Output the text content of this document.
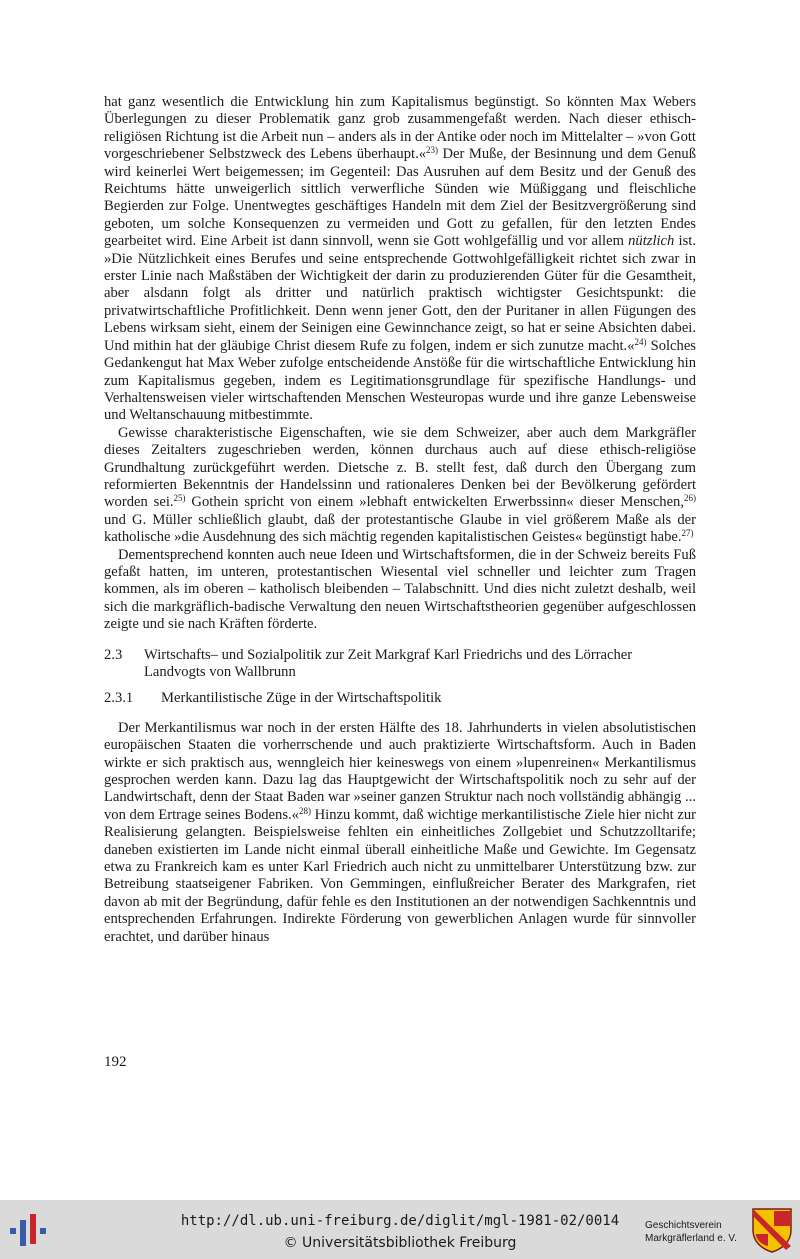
hat ganz wesentlich die Entwicklung hin zum Kapitalismus begünstigt. So könnten Max Webers Überlegungen zu dieser Problematik ganz grob zusammengefaßt werden. Nach dieser ethisch-religiösen Richtung ist die Arbeit nun – anders als in der Antike oder noch im Mittelalter – »von Gott vorgeschriebener Selbstzweck des Lebens überhaupt.«$^{23)}$ Der Muße, der Besinnung und dem Genuß wird keinerlei Wert beigemessen; im Gegenteil: Das Ausruhen auf dem Besitz und der Genuß des Reichtums hätte unweigerlich sittlich verwerfliche Sünden wie Müßiggang und fleischliche Begierden zur Folge. Unentwegtes geschäftiges Handeln mit dem Ziel der Besitzvergrößerung sind geboten, um solche Konsequenzen zu vermeiden und Gott zu gefallen, für den letzten Endes gearbeitet wird. Eine Arbeit ist dann sinnvoll, wenn sie Gott wohlgefällig und vor allem nützlich ist. »Die Nützlichkeit eines Berufes und seine entsprechende Gottwohlgefälligkeit richtet sich zwar in erster Linie nach Maßstäben der Wichtigkeit der darin zu produzierenden Güter für die Gesamtheit, aber alsdann folgt als dritter und natürlich praktisch wichtigster Gesichtspunkt: die privatwirtschaftliche Profitlichkeit. Denn wenn jener Gott, den der Puritaner in allen Fügungen des Lebens wirksam sieht, einem der Seinigen eine Gewinnchance zeigt, so hat er seine Absichten dabei. Und mithin hat der gläubige Christ diesem Rufe zu folgen, indem er sich zunutze macht.«$^{24)}$ Solches Gedankengut hat Max Weber zufolge entscheidende Anstöße für die wirtschaftliche Entwicklung hin zum Kapitalismus gegeben, indem es Legitimationsgrundlage für spezifische Handlungs- und Verhaltensweisen vieler wirtschaftenden Menschen Westeuropas wurde und ihre ganze Lebensweise und Weltanschauung mitbestimmte.

Gewisse charakteristische Eigenschaften, wie sie dem Schweizer, aber auch dem Markgräfler dieses Zeitalters zugeschrieben werden, können durchaus auch auf diese ethisch-religiöse Grundhaltung zurückgeführt werden. Dietsche z. B. stellt fest, daß durch den Übergang zum reformierten Bekenntnis der Handelssinn und rationaleres Denken bei der Bevölkerung gefördert worden sei.$^{25)}$ Gothein spricht von einem »lebhaft entwickelten Erwerbssinn« dieser Menschen,$^{26)}$ und G. Müller schließlich glaubt, daß der protestantische Glaube in viel größerem Maße als der katholische »die Ausdehnung des sich mächtig regenden kapitalistischen Geistes« begünstigt habe.$^{27)}$

Dementsprechend konnten auch neue Ideen und Wirtschaftsformen, die in der Schweiz bereits Fuß gefaßt hatten, im unteren, protestantischen Wiesental viel schneller und leichter zum Tragen kommen, als im oberen – katholisch bleibenden – Talabschnitt. Und dies nicht zuletzt deshalb, weil sich die markgräflich-badische Verwaltung den neuen Wirtschaftstheorien gegenüber aufgeschlossen zeigte und sie nach Kräften förderte.

2.3	Wirtschafts– und Sozialpolitik zur Zeit Markgraf Karl Friedrichs und des Lörracher Landvogts von Wallbrunn
2.3.1	Merkantilistische Züge in der Wirtschaftspolitik

Der Merkantilismus war noch in der ersten Hälfte des 18. Jahrhunderts in vielen absolutistischen europäischen Staaten die vorherrschende und auch praktizierte Wirtschaftsform. Auch in Baden wirkte er sich praktisch aus, wenngleich hier keineswegs von einem »lupenreinen« Merkantilismus gesprochen werden kann. Dazu lag das Hauptgewicht der Wirtschaftspolitik noch zu sehr auf der Landwirtschaft, denn der Staat Baden war »seiner ganzen Struktur nach noch vollständig abhängig ... von dem Ertrage seines Bodens.«$^{28)}$ Hinzu kommt, daß wichtige merkantilistische Ziele hier nicht zur Realisierung gelangten. Beispielsweise fehlten ein einheitliches Zollgebiet und Schutzzolltarife; daneben existierten im Lande nicht einmal überall einheitliche Maße und Gewichte. Im Gegensatz etwa zu Frankreich kam es unter Karl Friedrich auch nicht zu unmittelbarer Unterstützung bzw. zur Betreibung staatseigener Fabriken. Von Gemmingen, einflußreicher Berater des Markgrafen, riet davon ab mit der Begründung, dafür fehle es den Institutionen an der notwendigen Sachkenntnis und entsprechenden Erfahrungen. Indirekte Förderung von gewerblichen Anlagen wurde für sinnvoller erachtet, und darüber hinaus

192
http://dl.ub.uni-freiburg.de/diglit/mgl-1981-02/0014
© Universitätsbibliothek Freiburg
Geschichtsverein
Markgräflerland e. V.
